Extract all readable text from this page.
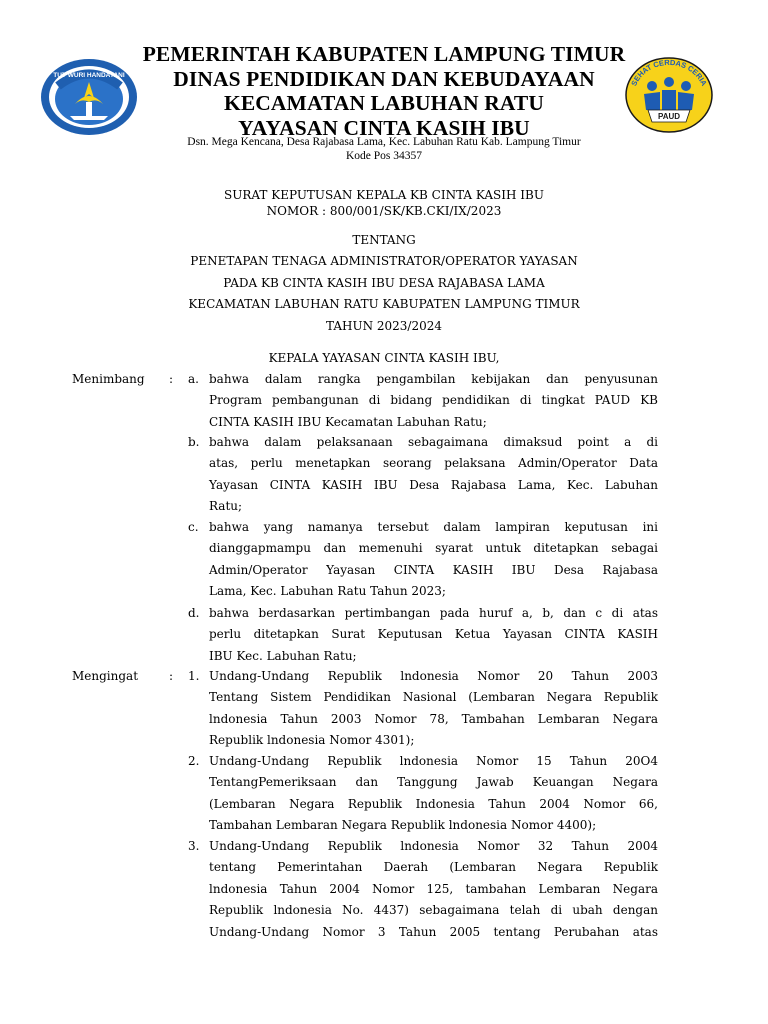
TUT WURI HANDAYANI
PEMERINTAH KABUPATEN LAMPUNG TIMUR
DINAS PENDIDIKAN DAN KEBUDAYAAN
KECAMATAN LABUHAN RATU
YAYASAN CINTA KASIH IBU
SEHAT CERDAS CERIA
PAUD
Dsn. Mega Kencana, Desa Rajabasa Lama, Kec. Labuhan Ratu Kab. Lampung Timur
Kode Pos 34357
SURAT KEPUTUSAN KEPALA KB CINTA KASIH IBU
NOMOR : 800/001/SK/KB.CKI/IX/2023
TENTANG
PENETAPAN TENAGA ADMINISTRATOR/OPERATOR YAYASAN
PADA KB CINTA KASIH IBU DESA RAJABASA LAMA
KECAMATAN LABUHAN RATU KABUPATEN LAMPUNG TIMUR
TAHUN 2023/2024
KEPALA YAYASAN CINTA KASIH IBU,
Menimbang : a. bahwa dalam rangka pengambilan kebijakan dan penyusunan
Program pembangunan di bidang pendidikan di tingkat PAUD KB
CINTA KASIH IBU Kecamatan Labuhan Ratu;
b. bahwa dalam pelaksanaan sebagaimana dimaksud point a di
atas, perlu menetapkan seorang pelaksana Admin/Operator Data
Yayasan CINTA KASIH IBU Desa Rajabasa Lama, Kec. Labuhan
Ratu;
c. bahwa yang namanya tersebut dalam lampiran keputusan ini
dianggapmampu dan memenuhi syarat untuk ditetapkan sebagai
Admin/Operator Yayasan CINTA KASIH IBU Desa Rajabasa
Lama, Kec. Labuhan Ratu Tahun 2023;
d. bahwa berdasarkan pertimbangan pada huruf a, b, dan c di atas
perlu ditetapkan Surat Keputusan Ketua Yayasan CINTA KASIH
IBU Kec. Labuhan Ratu;
Mengingat	: 1. Undang-Undang Republik lndonesia Nomor 20 Tahun 2003
Tentang Sistem Pendidikan Nasional (Lembaran Negara Republik
lndonesia Tahun 2003 Nomor 78, Tambahan Lembaran Negara
Republik lndonesia Nomor 4301);
2. Undang-Undang Republik lndonesia Nomor 15 Tahun 20O4
TentangPemeriksaan dan Tanggung Jawab Keuangan Negara
(Lembaran Negara Republik Indonesia Tahun 2004 Nomor 66,
Tambahan Lembaran Negara Republik lndonesia Nomor 4400);
3. Undang-Undang Republik lndonesia Nomor 32 Tahun 2004
tentang Pemerintahan Daerah (Lembaran Negara Republik
lndonesia Tahun 2004 Nomor 125, tambahan Lembaran Negara
Republik lndonesia No. 4437) sebagaimana telah di ubah dengan
Undang-Undang Nomor 3 Tahun 2005 tentang Perubahan atas
